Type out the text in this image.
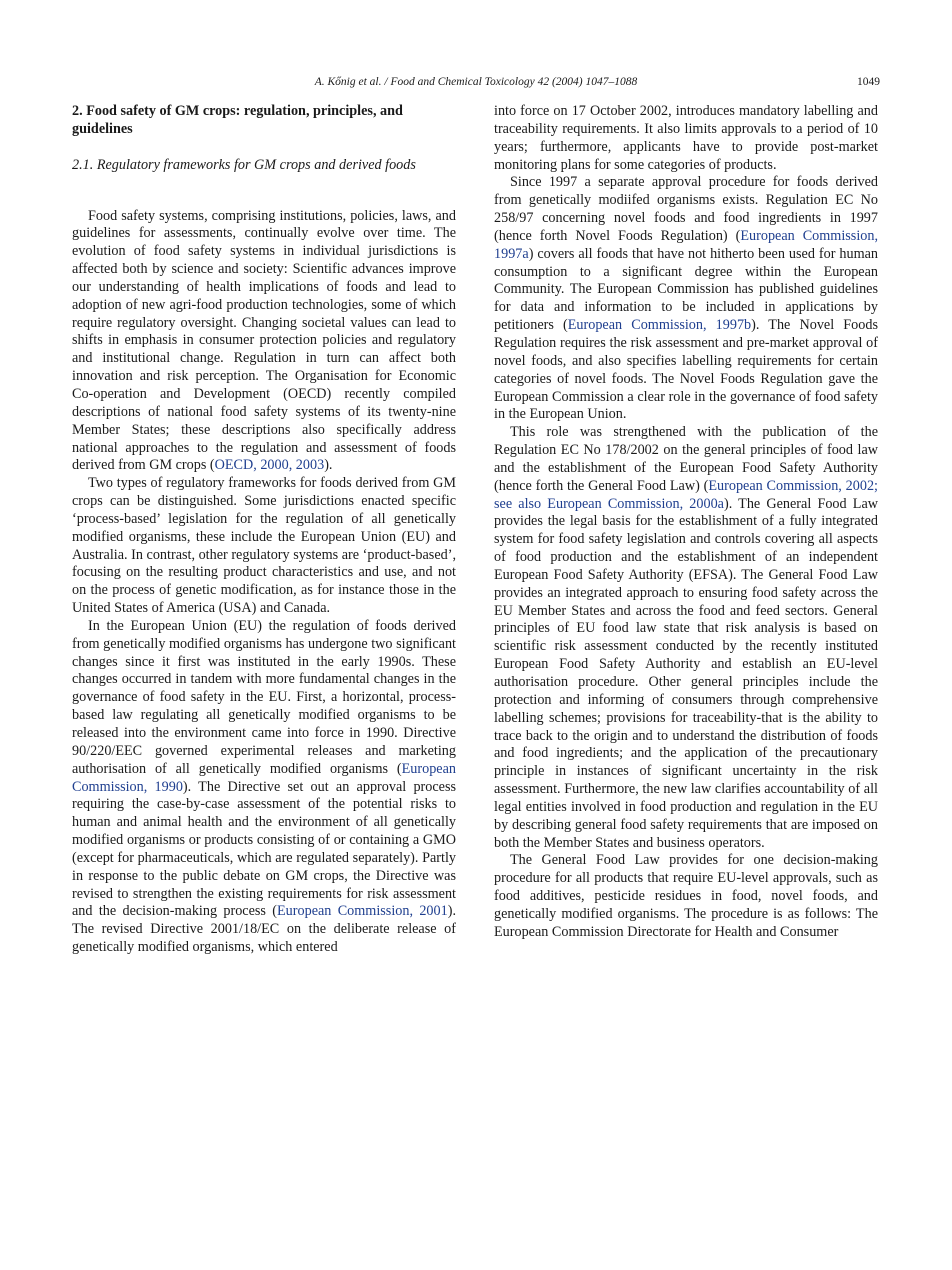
A. Kőnig et al. / Food and Chemical Toxicology 42 (2004) 1047–1088	1049
2. Food safety of GM crops: regulation, principles, and guidelines
2.1. Regulatory frameworks for GM crops and derived foods

Food safety systems, comprising institutions, policies, laws, and guidelines for assessments, continually evolve over time. The evolution of food safety systems in individual jurisdictions is affected both by science and society: Scientific advances improve our understanding of health implications of foods and lead to adoption of new agri-food production technologies, some of which require regulatory oversight. Changing societal values can lead to shifts in emphasis in consumer protection policies and regulatory and institutional change. Regulation in turn can affect both innovation and risk perception. The Organisation for Economic Co-operation and Development (OECD) recently compiled descriptions of national food safety systems of its twenty-nine Member States; these descriptions also specifically address national approaches to the regulation and assessment of foods derived from GM crops (OECD, 2000, 2003).

Two types of regulatory frameworks for foods derived from GM crops can be distinguished. Some jurisdictions enacted specific ‘process-based’ legislation for the regulation of all genetically modified organisms, these include the European Union (EU) and Australia. In contrast, other regulatory systems are ‘product-based’, focusing on the resulting product characteristics and use, and not on the process of genetic modification, as for instance those in the United States of America (USA) and Canada.

In the European Union (EU) the regulation of foods derived from genetically modified organisms has undergone two significant changes since it first was instituted in the early 1990s. These changes occurred in tandem with more fundamental changes in the governance of food safety in the EU. First, a horizontal, process-based law regulating all genetically modified organisms to be released into the environment came into force in 1990. Directive 90/220/EEC governed experimental releases and marketing authorisation of all genetically modified organisms (European Commission, 1990). The Directive set out an approval process requiring the case-by-case assessment of the potential risks to human and animal health and the environment of all genetically modified organisms or products consisting of or containing a GMO (except for pharmaceuticals, which are regulated separately). Partly in response to the public debate on GM crops, the Directive was revised to strengthen the existing requirements for risk assessment and the decision-making process (European Commission, 2001). The revised Directive 2001/18/EC on the deliberate release of genetically modified organisms, which entered

into force on 17 October 2002, introduces mandatory labelling and traceability requirements. It also limits approvals to a period of 10 years; furthermore, applicants have to provide post-market monitoring plans for some categories of products.

Since 1997 a separate approval procedure for foods derived from genetically modiifed organisms exists. Regulation EC No 258/97 concerning novel foods and food ingredients in 1997 (hence forth Novel Foods Regulation) (European Commission, 1997a) covers all foods that have not hitherto been used for human consumption to a significant degree within the European Community. The European Commission has published guidelines for data and information to be included in applications by petitioners (European Commission, 1997b). The Novel Foods Regulation requires the risk assessment and pre-market approval of novel foods, and also specifies labelling requirements for certain categories of novel foods. The Novel Foods Regulation gave the European Commission a clear role in the governance of food safety in the European Union.

This role was strengthened with the publication of the Regulation EC No 178/2002 on the general principles of food law and the establishment of the European Food Safety Authority (hence forth the General Food Law) (European Commission, 2002; see also European Commission, 2000a). The General Food Law provides the legal basis for the establishment of a fully integrated system for food safety legislation and controls covering all aspects of food production and the establishment of an independent European Food Safety Authority (EFSA). The General Food Law provides an integrated approach to ensuring food safety across the EU Member States and across the food and feed sectors. General principles of EU food law state that risk analysis is based on scientific risk assessment conducted by the recently instituted European Food Safety Authority and establish an EU-level authorisation procedure. Other general principles include the protection and informing of consumers through comprehensive labelling schemes; provisions for traceability-that is the ability to trace back to the origin and to understand the distribution of foods and food ingredients; and the application of the precautionary principle in instances of significant uncertainty in the risk assessment. Furthermore, the new law clarifies accountability of all legal entities involved in food production and regulation in the EU by describing general food safety requirements that are imposed on both the Member States and business operators.

The General Food Law provides for one decision-making procedure for all products that require EU-level approvals, such as food additives, pesticide residues in food, novel foods, and genetically modified organisms. The procedure is as follows: The European Commission Directorate for Health and Consumer
